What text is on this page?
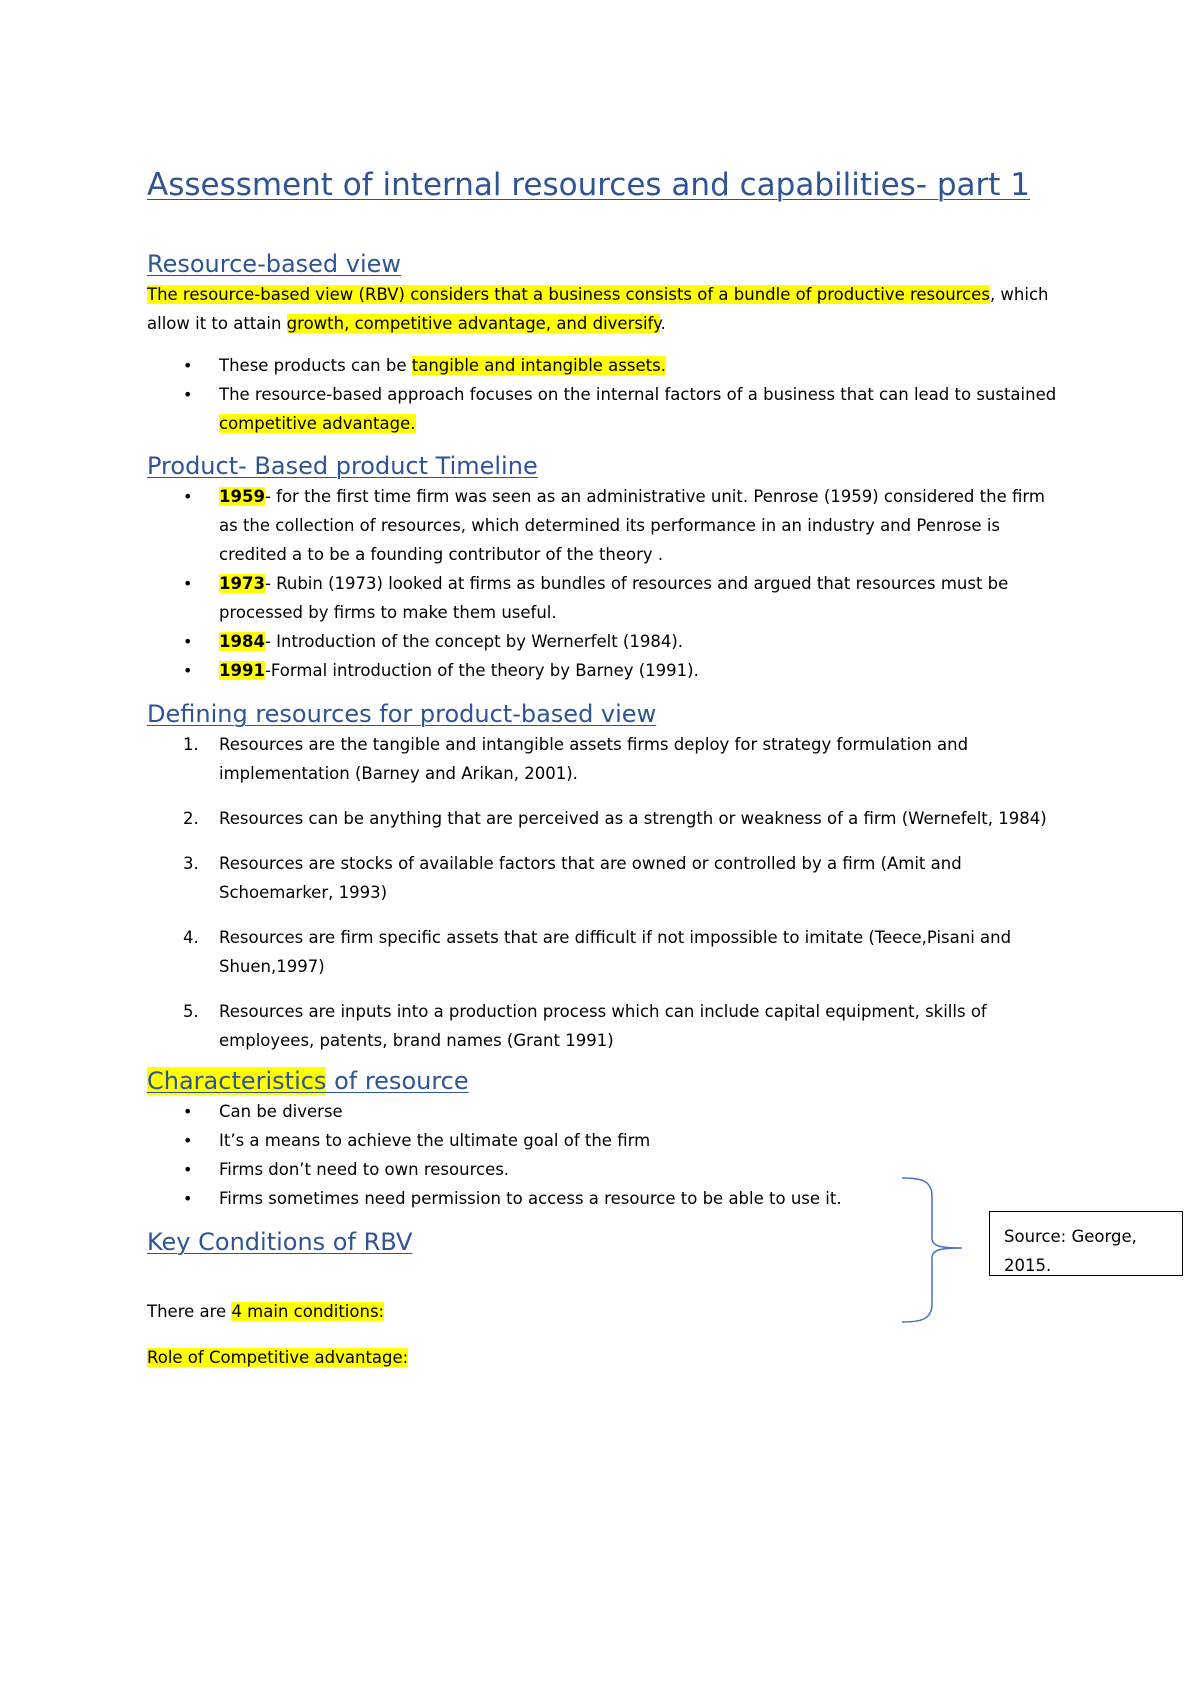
Assessment of internal resources and capabilities- part 1
Resource-based view

The resource-based view (RBV) considers that a business consists of a bundle of productive resources, which allow it to attain growth, competitive advantage, and diversify.

• These products can be tangible and intangible assets.
• The resource-based approach focuses on the internal factors of a business that can lead to sustained competitive advantage.
Product- Based product Timeline
• 1959- for the first time firm was seen as an administrative unit. Penrose (1959) considered the firm as the collection of resources, which determined its performance in an industry and Penrose is credited a to be a founding contributor of the theory .
• 1973- Rubin (1973) looked at firms as bundles of resources and argued that resources must be processed by firms to make them useful.
• 1984- Introduction of the concept by Wernerfelt (1984).
• 1991-Formal introduction of the theory by Barney (1991).
Defining resources for product-based view
1. Resources are the tangible and intangible assets firms deploy for strategy formulation and implementation (Barney and Arikan, 2001).
2. Resources can be anything that are perceived as a strength or weakness of a firm (Wernefelt, 1984)
3. Resources are stocks of available factors that are owned or controlled by a firm (Amit and Schoemarker, 1993)
4. Resources are firm specific assets that are difficult if not impossible to imitate (Teece,Pisani and Shuen,1997)
5. Resources are inputs into a production process which can include capital equipment, skills of employees, patents, brand names (Grant 1991)
Characteristics of resource
• Can be diverse
• It’s a means to achieve the ultimate goal of the firm
• Firms don’t need to own resources.
• Firms sometimes need permission to access a resource to be able to use it.
Key Conditions of RBV

There are 4 main conditions:

Role of Competitive advantage:

Source: George, 2015.
